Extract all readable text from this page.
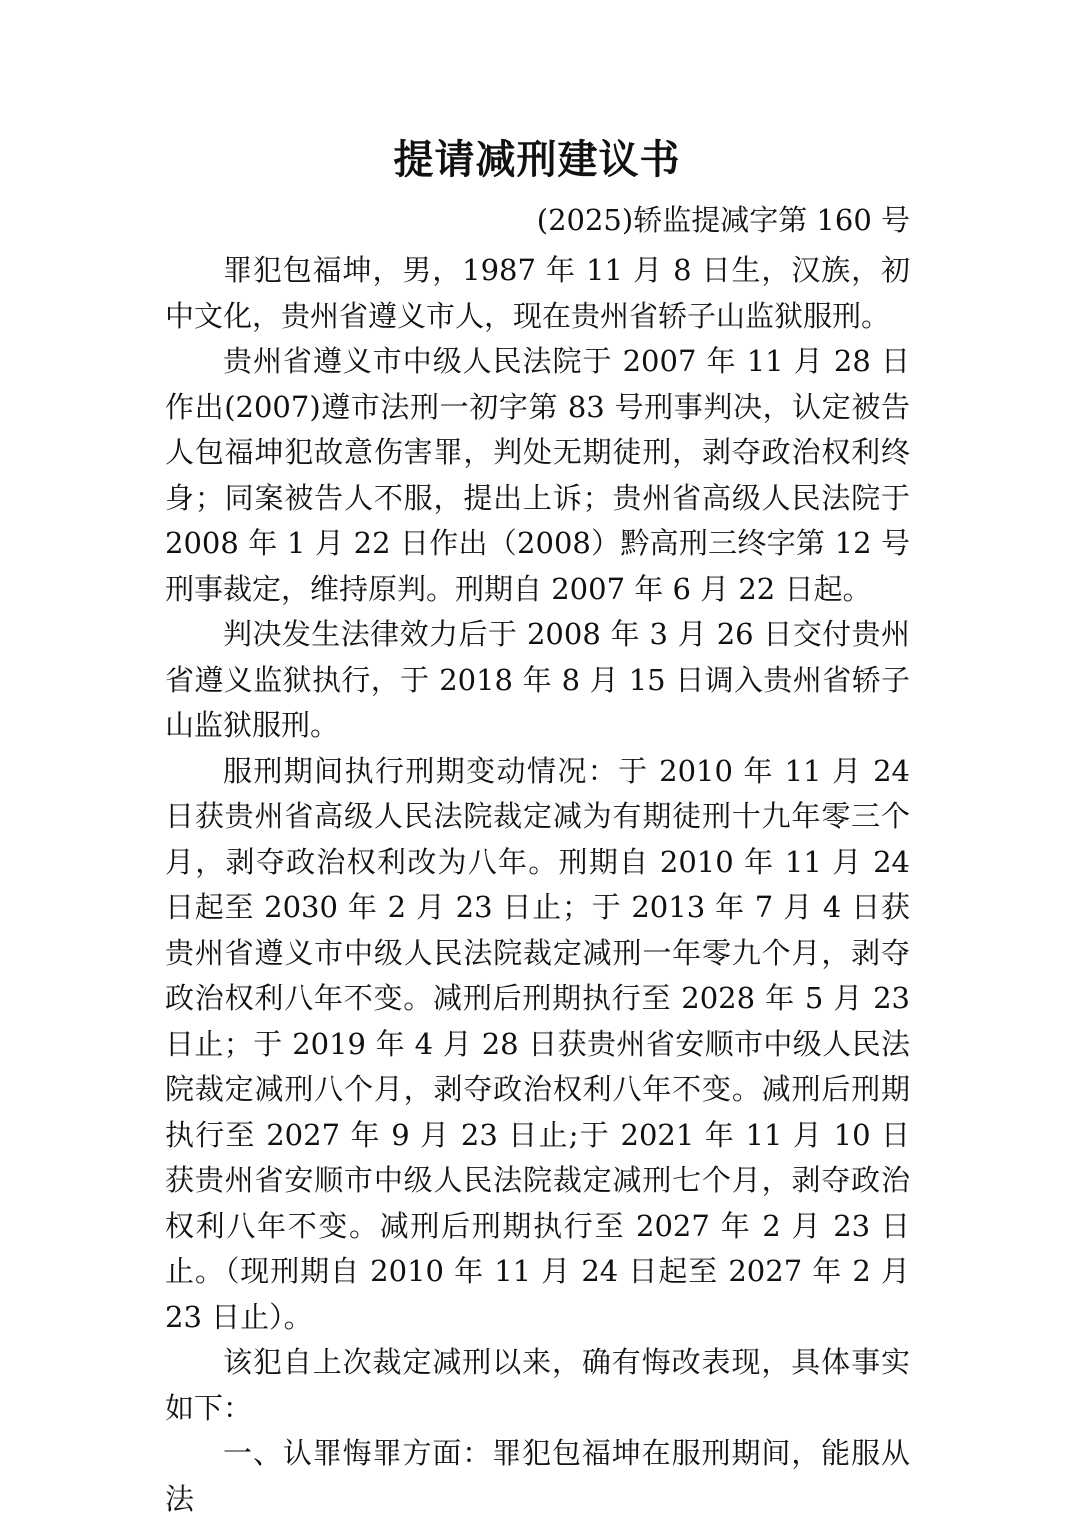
提请减刑建议书
(2025)轿监提减字第 160 号

罪犯包福坤，男，1987 年 11 月 8 日生，汉族，初中文化，贵州省遵义市人，现在贵州省轿子山监狱服刑。

贵州省遵义市中级人民法院于 2007 年 11 月 28 日作出(2007)遵市法刑一初字第 83 号刑事判决，认定被告人包福坤犯故意伤害罪，判处无期徒刑，剥夺政治权利终身；同案被告人不服，提出上诉；贵州省高级人民法院于 2008 年 1 月 22 日作出（2008）黔高刑三终字第 12 号刑事裁定，维持原判。刑期自 2007 年 6 月 22 日起。

判决发生法律效力后于 2008 年 3 月 26 日交付贵州省遵义监狱执行，于 2018 年 8 月 15 日调入贵州省轿子山监狱服刑。

服刑期间执行刑期变动情况：于 2010 年 11 月 24 日获贵州省高级人民法院裁定减为有期徒刑十九年零三个月，剥夺政治权利改为八年。刑期自 2010 年 11 月 24 日起至 2030 年 2 月 23 日止；于 2013 年 7 月 4 日获贵州省遵义市中级人民法院裁定减刑一年零九个月，剥夺政治权利八年不变。减刑后刑期执行至 2028 年 5 月 23 日止；于 2019 年 4 月 28 日获贵州省安顺市中级人民法院裁定减刑八个月，剥夺政治权利八年不变。减刑后刑期执行至 2027 年 9 月 23 日止;于 2021 年 11 月 10 日获贵州省安顺市中级人民法院裁定减刑七个月，剥夺政治权利八年不变。减刑后刑期执行至 2027 年 2 月 23 日止。（现刑期自 2010 年 11 月 24 日起至 2027 年 2 月 23 日止）。

该犯自上次裁定减刑以来，确有悔改表现，具体事实如下：

一、认罪悔罪方面：罪犯包福坤在服刑期间，能服从法
